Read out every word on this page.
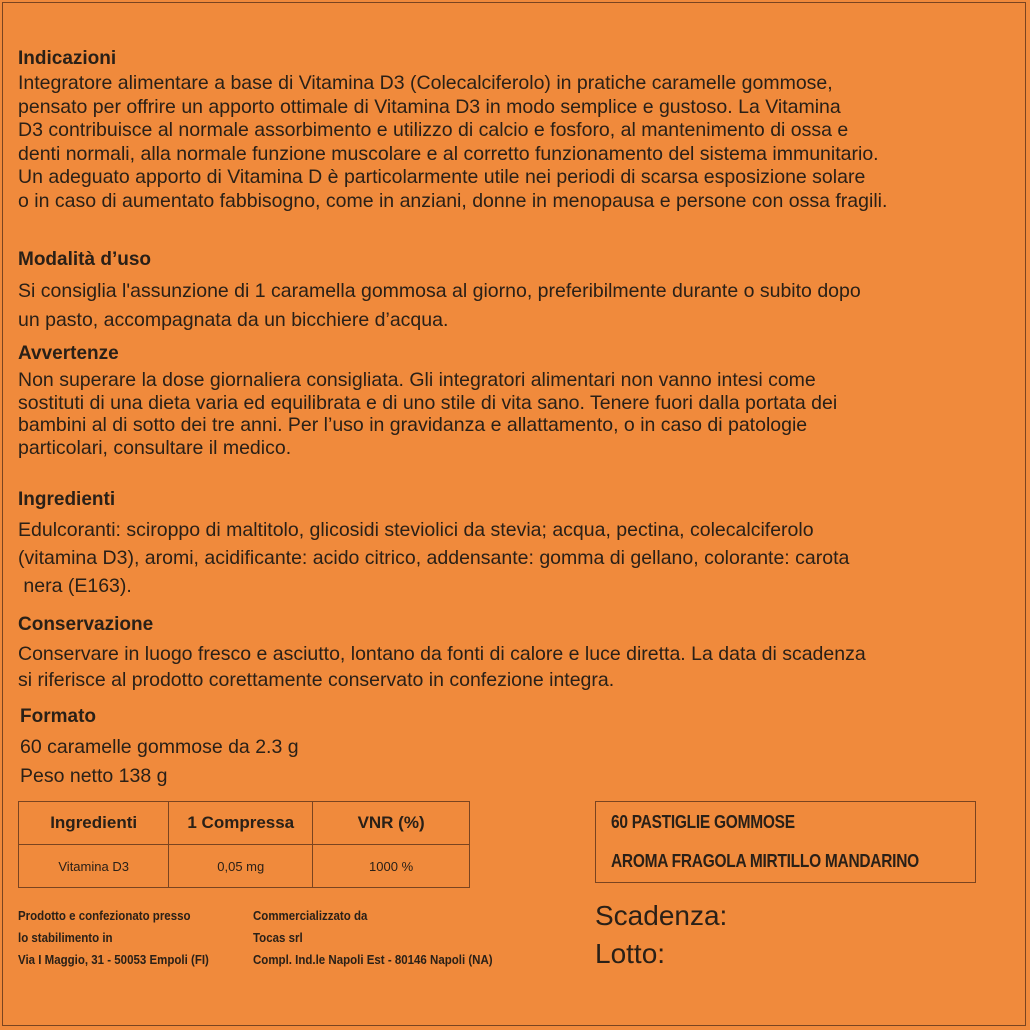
Indicazioni
Integratore alimentare a base di Vitamina D3 (Colecalciferolo) in pratiche caramelle gommose,
pensato per offrire un apporto ottimale di Vitamina D3 in modo semplice e gustoso. La Vitamina
D3 contribuisce al normale assorbimento e utilizzo di calcio e fosforo, al mantenimento di ossa e
denti normali, alla normale funzione muscolare e al corretto funzionamento del sistema immunitario.
Un adeguato apporto di Vitamina D è particolarmente utile nei periodi di scarsa esposizione solare
o in caso di aumentato fabbisogno, come in anziani, donne in menopausa e persone con ossa fragili.
Modalità d’uso
Si consiglia l'assunzione di 1 caramella gommosa al giorno, preferibilmente durante o subito dopo
un pasto, accompagnata da un bicchiere d’acqua.
Avvertenze
Non superare la dose giornaliera consigliata. Gli integratori alimentari non vanno intesi come
sostituti di una dieta varia ed equilibrata e di uno stile di vita sano. Tenere fuori dalla portata dei
bambini al di sotto dei tre anni. Per l’uso in gravidanza e allattamento, o in caso di patologie
particolari, consultare il medico.
Ingredienti
Edulcoranti: sciroppo di maltitolo, glicosidi steviolici da stevia; acqua, pectina, colecalciferolo
(vitamina D3), aromi, acidificante: acido citrico, addensante: gomma di gellano, colorante: carota
nera (E163).
Conservazione
Conservare in luogo fresco e asciutto, lontano da fonti di calore e luce diretta. La data di scadenza
si riferisce al prodotto corettamente conservato in confezione integra.
Formato
60 caramelle gommose da 2.3 g
Peso netto 138 g
Ingredienti	1 Compressa	VNR (%)
Vitamina D3	0,05 mg	1000 %
60 PASTIGLIE GOMMOSE
AROMA FRAGOLA MIRTILLO MANDARINO
Prodotto e confezionato presso
lo stabilimento in
Via I Maggio, 31 - 50053 Empoli (FI)
Commercializzato da
Tocas srl
Compl. Ind.le Napoli Est - 80146 Napoli (NA)
Scadenza:
Lotto:
